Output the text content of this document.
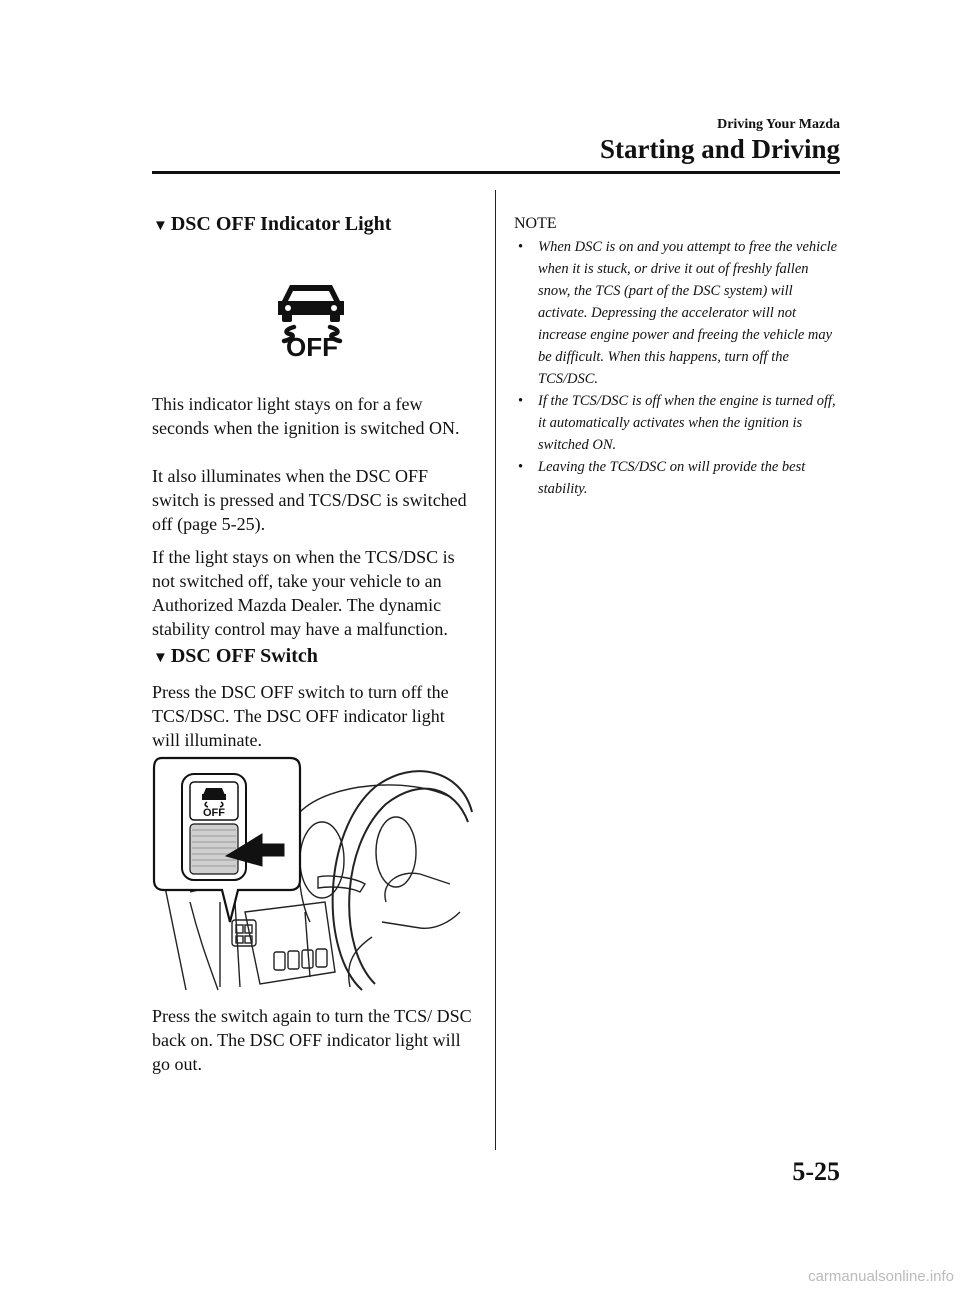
Driving Your Mazda
Starting and Driving
▼ DSC OFF Indicator Light
OFF
This indicator light stays on for a few seconds when the ignition is switched ON.
It also illuminates when the DSC OFF switch is pressed and TCS/DSC is switched off (page 5-25).
If the light stays on when the TCS/DSC is not switched off, take your vehicle to an Authorized Mazda Dealer. The dynamic stability control may have a malfunction.
▼ DSC OFF Switch
Press the DSC OFF switch to turn off the TCS/DSC. The DSC OFF indicator light will illuminate.
OFF
Press the switch again to turn the TCS/ DSC back on. The DSC OFF indicator light will go out.
NOTE
• When DSC is on and you attempt to free the vehicle when it is stuck, or drive it out of freshly fallen snow, the TCS (part of the DSC system) will activate. Depressing the accelerator will not increase engine power and freeing the vehicle may be difficult. When this happens, turn off the TCS/DSC.
• If the TCS/DSC is off when the engine is turned off, it automatically activates when the ignition is switched ON.
• Leaving the TCS/DSC on will provide the best stability.
5-25
carmanualsonline.info
